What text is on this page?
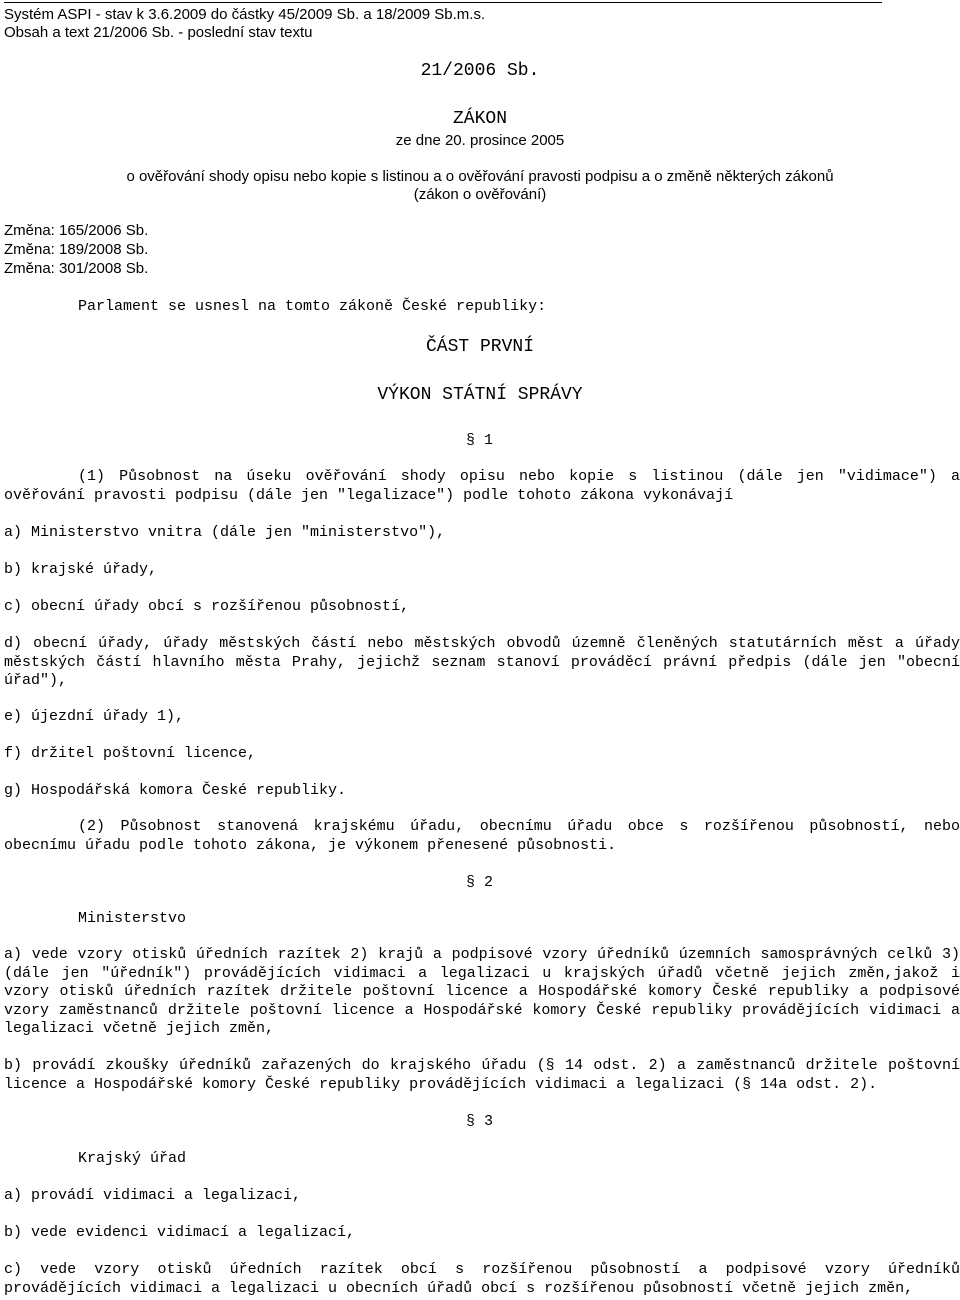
Systém ASPI - stav k 3.6.2009 do částky 45/2009 Sb. a 18/2009 Sb.m.s.
Obsah a text 21/2006 Sb. - poslední stav textu
21/2006 Sb.
ZÁKON
ze dne 20. prosince 2005
o ověřování shody opisu nebo kopie s listinou a o ověřování pravosti podpisu a o změně některých zákonů
(zákon o ověřování)
Změna: 165/2006 Sb.
Změna: 189/2008 Sb.
Změna: 301/2008 Sb.
Parlament se usnesl na tomto zákoně České republiky:
ČÁST PRVNÍ
VÝKON STÁTNÍ SPRÁVY
§ 1
(1) Působnost na úseku ověřování shody opisu nebo kopie s listinou (dále jen "vidimace") a ověřování pravosti podpisu (dále jen "legalizace") podle tohoto zákona vykonávají
a) Ministerstvo vnitra (dále jen "ministerstvo"),
b) krajské úřady,
c) obecní úřady obcí s rozšířenou působností,
d) obecní úřady, úřady městských částí nebo městských obvodů územně členěných statutárních měst a úřady městských částí hlavního města Prahy, jejichž seznam stanoví prováděcí právní předpis (dále jen "obecní úřad"),
e) újezdní úřady 1),
f) držitel poštovní licence,
g) Hospodářská komora České republiky.
(2) Působnost stanovená krajskému úřadu, obecnímu úřadu obce s rozšířenou působností, nebo obecnímu úřadu podle tohoto zákona, je výkonem přenesené působnosti.
§ 2
Ministerstvo
a) vede vzory otisků úředních razítek 2) krajů a podpisové vzory úředníků územních samosprávných celků 3) (dále jen "úředník") provádějících vidimaci a legalizaci u krajských úřadů včetně jejich změn,jakož i vzory otisků úředních razítek držitele poštovní licence a Hospodářské komory České republiky a podpisové vzory zaměstnanců držitele poštovní licence a Hospodářské komory České republiky provádějících vidimaci a legalizaci včetně jejich změn,
b) provádí zkoušky úředníků zařazených do krajského úřadu (§ 14 odst. 2) a zaměstnanců držitele poštovní licence a Hospodářské komory České republiky provádějících vidimaci a legalizaci (§ 14a odst. 2).
§ 3
Krajský úřad
a) provádí vidimaci a legalizaci,
b) vede evidenci vidimací a legalizací,
c) vede vzory otisků úředních razítek obcí s rozšířenou působností a podpisové vzory úředníků provádějících vidimaci a legalizaci u obecních úřadů obcí s rozšířenou působností včetně jejich změn,
